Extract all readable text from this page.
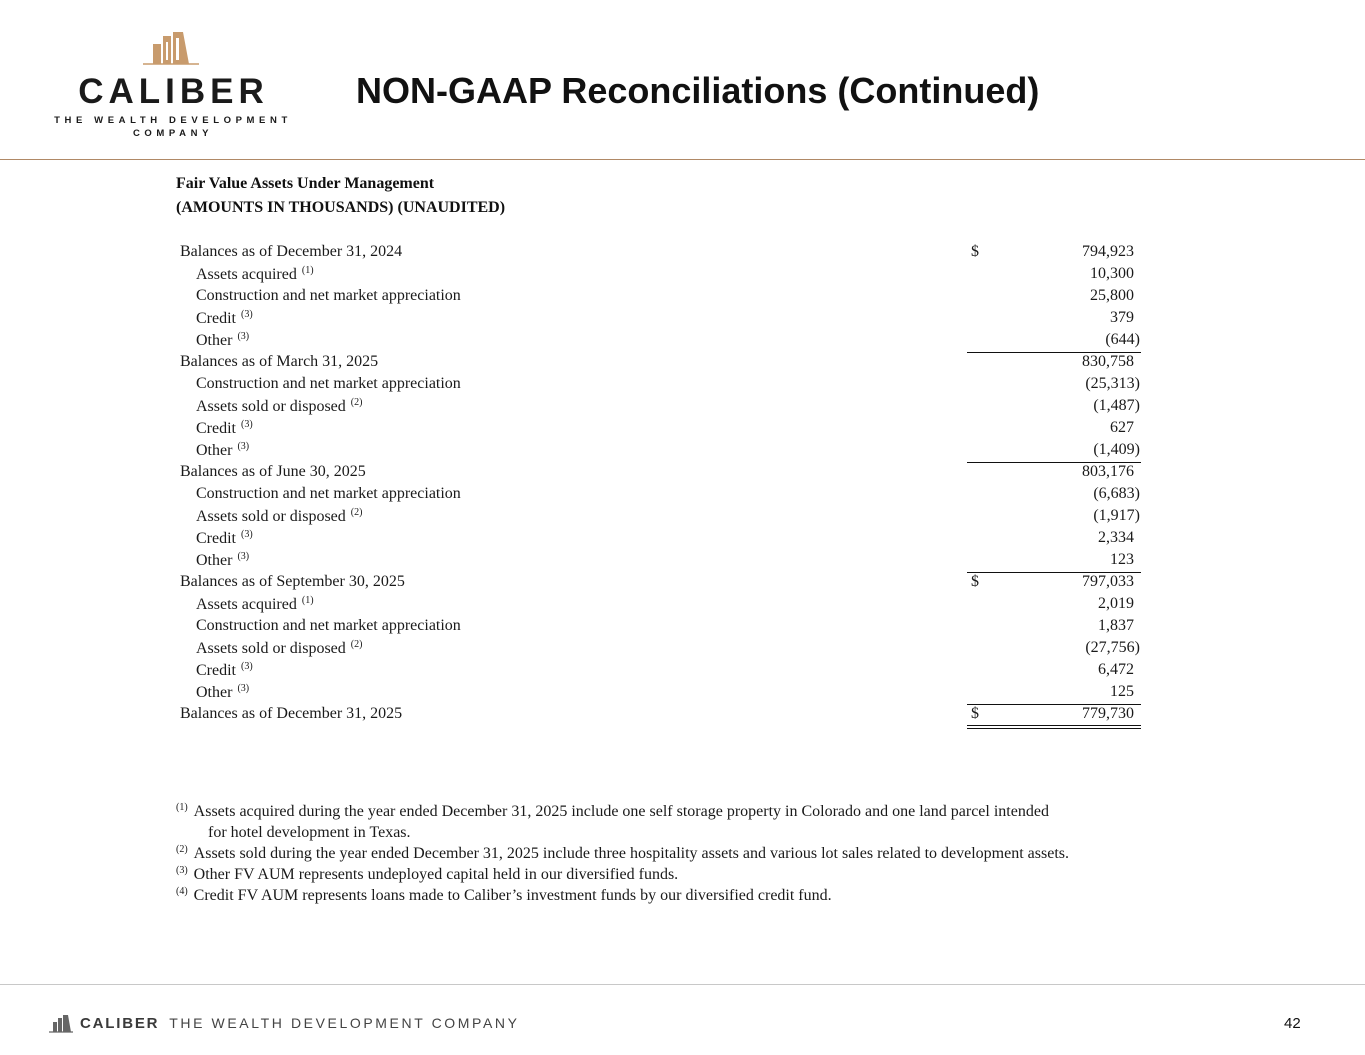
CALIBER
THE WEALTH DEVELOPMENT
COMPANY
NON-GAAP Reconciliations (Continued)
Fair Value Assets Under Management
(AMOUNTS IN THOUSANDS) (UNAUDITED)
Balances as of December 31, 2024	$	794,923
Assets acquired $^{(1)}$	10,300
Construction and net market appreciation	25,800
Credit $^{(3)}$	379
Other $^{(3)}$	(644)
Balances as of March 31, 2025	830,758
Construction and net market appreciation	(25,313)
Assets sold or disposed $^{(2)}$	(1,487)
Credit $^{(3)}$	627
Other $^{(3)}$	(1,409)
Balances as of June 30, 2025	803,176
Construction and net market appreciation	(6,683)
Assets sold or disposed $^{(2)}$	(1,917)
Credit $^{(3)}$	2,334
Other $^{(3)}$	123
Balances as of September 30, 2025	$	797,033
Assets acquired $^{(1)}$	2,019
Construction and net market appreciation	1,837
Assets sold or disposed $^{(2)}$	(27,756)
Credit $^{(3)}$	6,472
Other $^{(3)}$	125
Balances as of December 31, 2025	$	779,730
$^{(1)}$ Assets acquired during the year ended December 31, 2025 include one self storage property in Colorado and one land parcel intended
for hotel development in Texas.
$^{(2)}$ Assets sold during the year ended December 31, 2025 include three hospitality assets and various lot sales related to development assets.
$^{(3)}$ Other FV AUM represents undeployed capital held in our diversified funds.
$^{(4)}$ Credit FV AUM represents loans made to Caliber’s investment funds by our diversified credit fund.
CALIBER THE WEALTH DEVELOPMENT COMPANY	42
